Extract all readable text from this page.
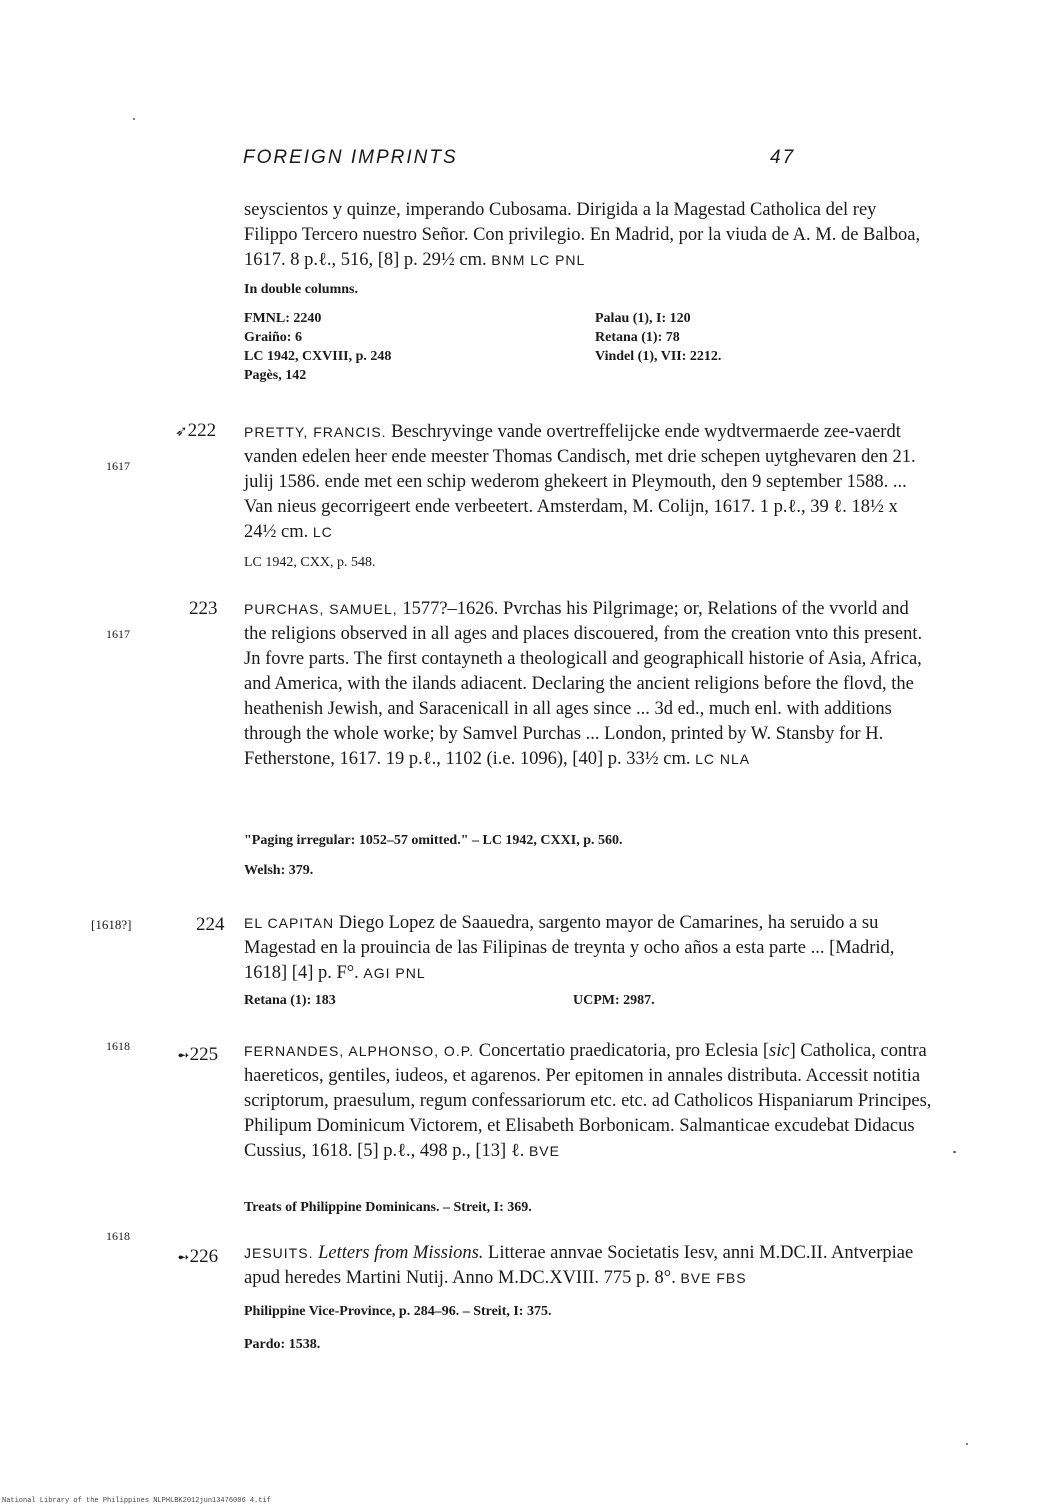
FOREIGN IMPRINTS	47
seyscientos y quinze, imperando Cubosama. Dirigida a la Magestad Catholica del rey Filippo Tercero nuestro Señor. Con privilegio. En Madrid, por la viuda de A. M. de Balboa, 1617. 8 p.ℓ., 516, [8] p. 29½ cm. BNM LC PNL
In double columns.
FMNL: 2240
Graiño: 6
LC 1942, CXVIII, p. 248
Pagès, 142
Palau (1), I: 120
Retana (1): 78
Vindel (1), VII: 2212.
1617
➶222 PRETTY, FRANCIS. Beschryvinge vande overtreffelijcke ende wydtvermaerde zee-vaerdt vanden edelen heer ende meester Thomas Candisch, met drie schepen uytghevaren den 21. julij 1586. ende met een schip wederom ghekeert in Pleymouth, den 9 september 1588. ... Van nieus gecorrigeert ende verbeetert. Amsterdam, M. Colijn, 1617. 1 p.ℓ., 39 ℓ. 18½ x 24½ cm. LC
LC 1942, CXX, p. 548.
1617
223 PURCHAS, SAMUEL, 1577?–1626. Pvrchas his Pilgrimage; or, Relations of the vvorld and the religions observed in all ages and places discouered, from the creation vnto this present. Jn fovre parts. The first contayneth a theologicall and geographicall historie of Asia, Africa, and America, with the ilands adiacent. Declaring the ancient religions before the flovd, the heathenish Jewish, and Saracenicall in all ages since ... 3d ed., much enl. with additions through the whole worke; by Samvel Purchas ... London, printed by W. Stansby for H. Fetherstone, 1617. 19 p.ℓ., 1102 (i.e. 1096), [40] p. 33½ cm. LC NLA
"Paging irregular: 1052–57 omitted." – LC 1942, CXXI, p. 560.
Welsh: 379.
[1618?]	224 EL CAPITAN Diego Lopez de Saauedra, sargento mayor de Camarines, ha seruido a su Magestad en la prouincia de las Filipinas de treynta y ocho años a esta parte ... [Madrid, 1618] [4] p. F°. AGI PNL
Retana (1): 183	UCPM: 2987.
1618
➻225 FERNANDES, ALPHONSO, O.P. Concertatio praedicatoria, pro Eclesia [sic] Catholica, contra haereticos, gentiles, iudeos, et agarenos. Per epitomen in annales distributa. Accessit notitia scriptorum, praesulum, regum confessariorum etc. etc. ad Catholicos Hispaniarum Principes, Philipum Dominicum Victorem, et Elisabeth Borbonicam. Salmanticae excudebat Didacus Cussius, 1618. [5] p.ℓ., 498 p., [13] ℓ. BVE
Treats of Philippine Dominicans. – Streit, I: 369.
1618
➻226 JESUITS. Letters from Missions. Litterae annvae Societatis Iesv, anni M.DC.II. Antverpiae apud heredes Martini Nutij. Anno M.DC.XVIII. 775 p. 8°. BVE FBS
Philippine Vice-Province, p. 284–96. – Streit, I: 375.
Pardo: 1538.
National Library of the Philippines NLPHLBK2012jun13476006 4.tif
